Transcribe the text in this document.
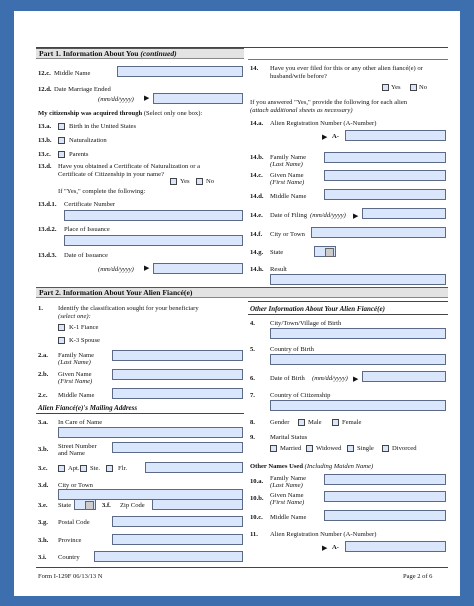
Part 1. Information About You (continued)
12.c. Middle Name
12.d. Date Marriage Ended
(mm/dd/yyyy) ▶
My citizenship was acquired through (Select only one box):
13.a.	Birth in the United States
13.b.	Naturalization
13.c.	Parents
13.d. Have you obtained a Certificate of Naturalization or a
Certificate of Citizenship in your name?
Yes No
If "Yes," complete the following:
13.d.1. Certificate Number
13.d.2. Place of Issuance
13.d.3. Date of Issuance
(mm/dd/yyyy) ▶
14. Have you ever filed for this or any other alien fiancé(e) or
husband/wife before?
Yes	No
If you answered "Yes," provide the following for each alien
(attach additional sheets as necessary)
14.a. Alien Registration Number (A-Number)
▶ A-
14.b. Family Name
(Last Name)
14.c. Given Name
(First Name)
14.d. Middle Name
14.e. Date of Filing (mm/dd/yyyy) ▶
14.f. City or Town
14.g. State
14.h. Result
Part 2. Information About Your Alien Fiancé(e)
1. Identify the classification sought for your beneficiary
(select one):
K-1 Fiance
K-3 Spouse
2.a. Family Name
(Last Name)
2.b. Given Name
(First Name)
2.c. Middle Name
Alien Fiancé(e)'s Mailing Address
3.a. In Care of Name
3.b. Street Number
and Name
3.c.	Apt. Ste.	Flr.
3.d. City or Town
3.e. State	3.f. Zip Code
3.g. Postal Code
3.h. Province
3.i. Country
Other Information About Your Alien Fiancé(e)
4. City/Town/Village of Birth
5. Country of Birth
6. Date of Birth (mm/dd/yyyy) ▶
7. Country of Citizenship
8. Gender	Male	Female
9. Marital Status
Married Widowed Single	Divorced
Other Names Used (Including Maiden Name)
10.a. Family Name
(Last Name)
10.b. Given Name
(First Name)
10.c. Middle Name
11. Alien Registration Number (A-Number)
▶ A-
Form I-129F 06/13/13 N	Page 2 of 6
